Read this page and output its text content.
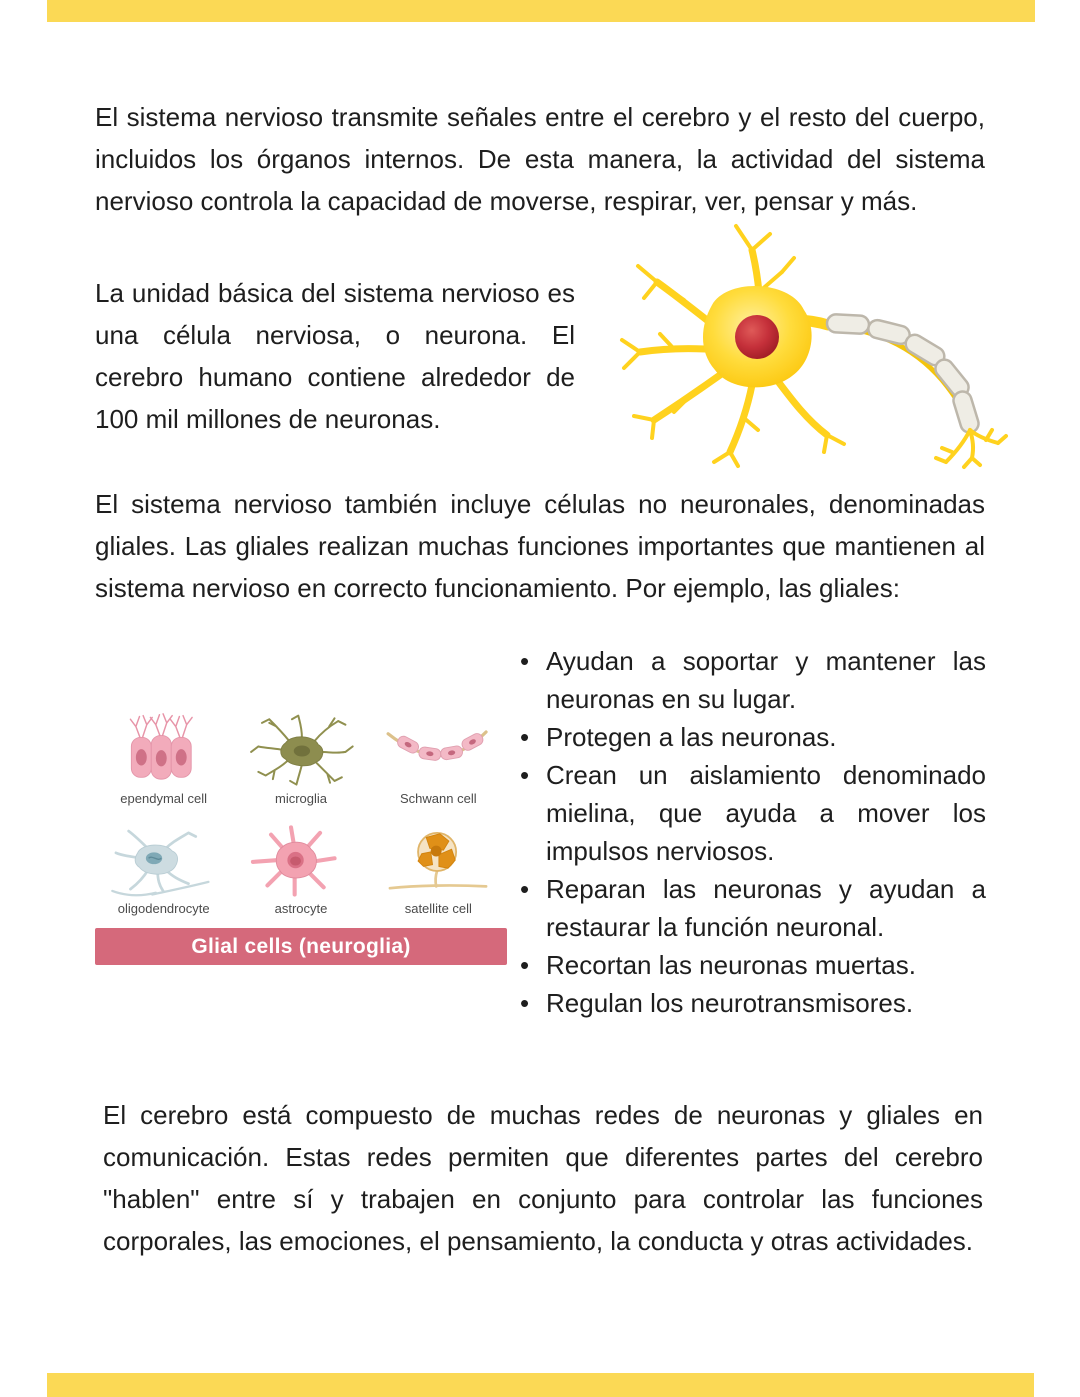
El sistema nervioso transmite señales entre el cerebro y el resto del cuerpo, incluidos los órganos internos. De esta manera, la actividad del sistema nervioso controla la capacidad de moverse, respirar, ver, pensar y más.

La unidad básica del sistema nervioso es una célula nerviosa, o neurona. El cerebro humano contiene alrededor de 100 mil millones de neuronas.

El sistema nervioso también incluye células no neuronales, denominadas gliales. Las gliales realizan muchas funciones importantes que mantienen al sistema nervioso en correcto funcionamiento. Por ejemplo, las gliales:

• Ayudan a soportar y mantener las neuronas en su lugar.
• Protegen a las neuronas.
• Crean un aislamiento denominado mielina, que ayuda a mover los impulsos nerviosos.
• Reparan las neuronas y ayudan a restaurar la función neuronal.
• Recortan las neuronas muertas.
• Regulan los neurotransmisores.
ependymal cell	microglia	Schwann cell
oligodendrocyte	astrocyte	satellite cell
Glial cells (neuroglia)

El cerebro está compuesto de muchas redes de neuronas y gliales en comunicación. Estas redes permiten que diferentes partes del cerebro "hablen" entre sí y trabajen en conjunto para controlar las funciones corporales, las emociones, el pensamiento, la conducta y otras actividades.
